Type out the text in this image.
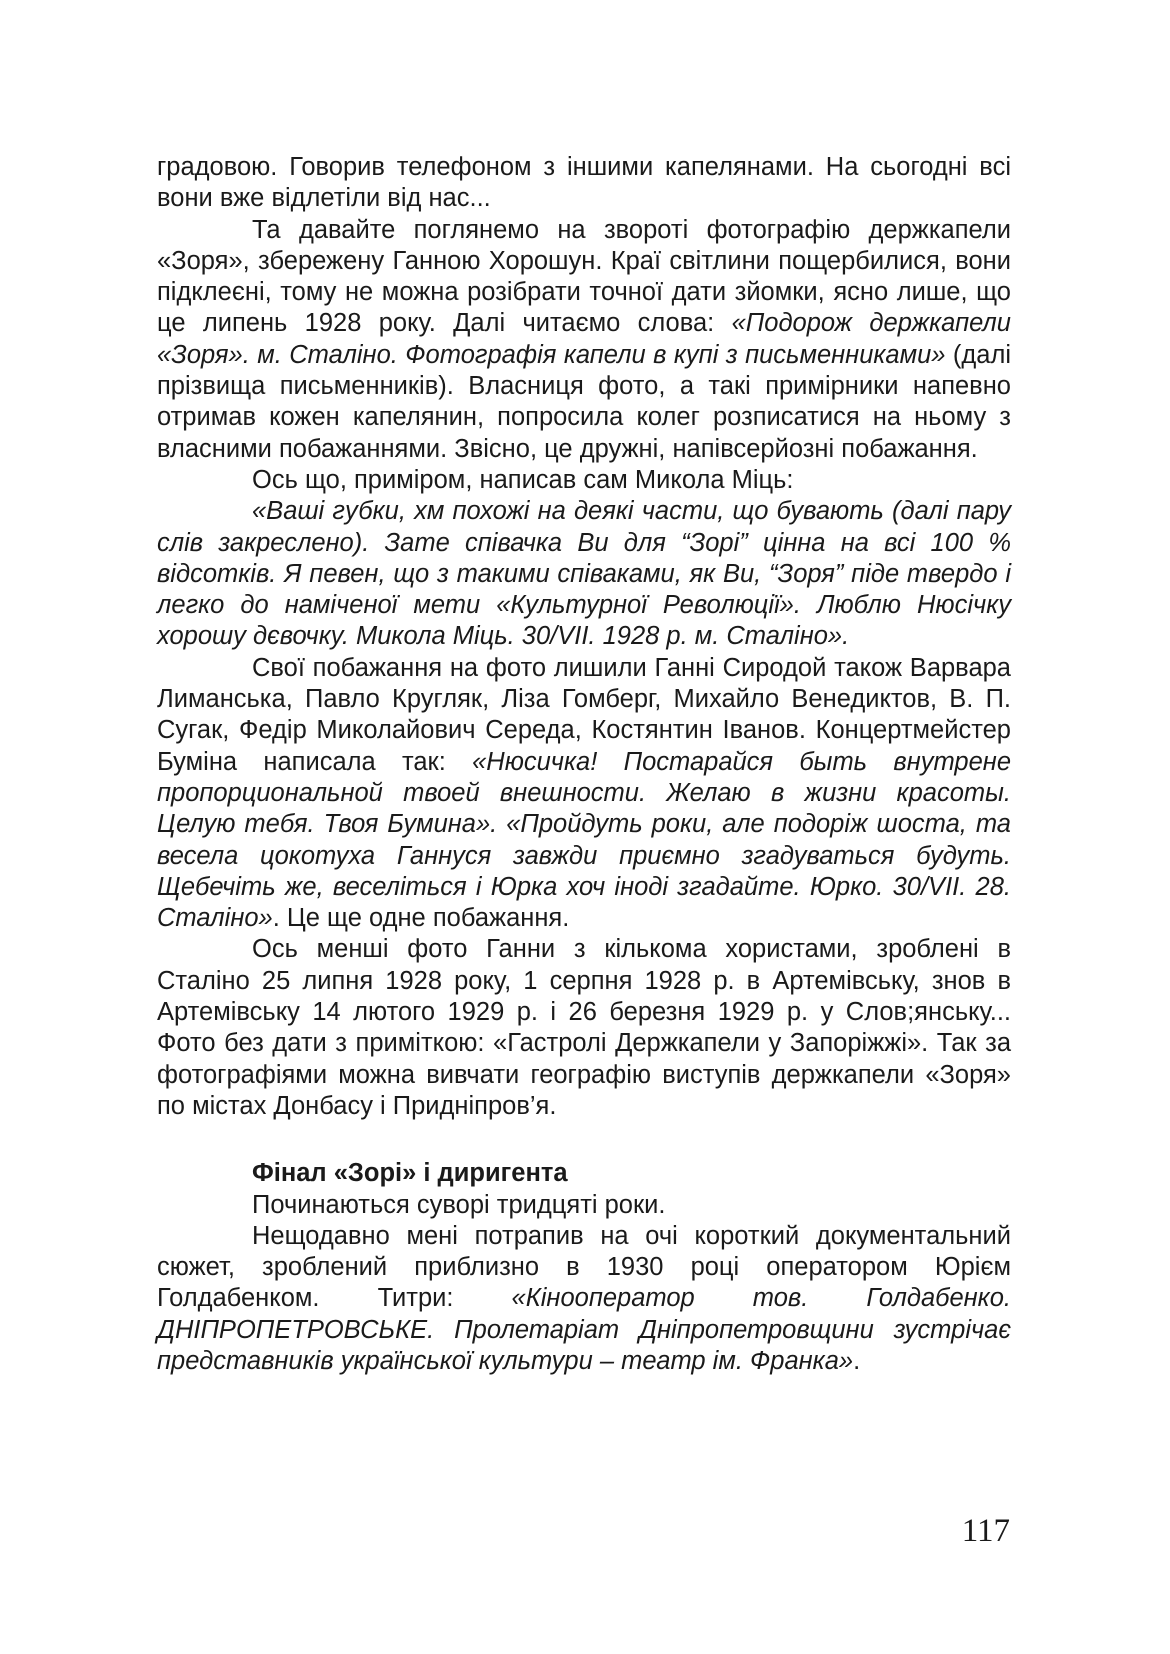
градовою. Говорив телефоном з іншими капелянами. На сьогодні всі вони вже відлетіли від нас...

Та давайте поглянемо на звороті фотографію держкапели «Зоря», збережену Ганною Хорошун. Краї світлини пощербилися, вони підклеєні, тому не можна розібрати точної дати зйомки, ясно лише, що це липень 1928 року. Далі читаємо слова: «Подорож держкапели «Зоря». м. Сталіно. Фотографія капели в купі з письменниками» (далі прізвища письменників). Власниця фото, а такі примірники напевно отримав кожен капелянин, попросила колег розписатися на ньому з власними побажаннями. Звісно, це дружні, напівсерйозні побажання.

Ось що, приміром, написав сам Микола Міць:

«Ваші губки, хм похожі на деякі части, що бувають (далі пару слів закреслено). Зате співачка Ви для “Зорі” цінна на всі 100 % відсотків. Я певен, що з такими співаками, як Ви, “Зоря” піде твердо і легко до наміченої мети «Культурної Революції». Люблю Нюсічку хорошу дєвочку. Микола Міць. 30/VII. 1928 р. м. Сталіно».

Свої побажання на фото лишили Ганні Сиродой також Варвара Лиманська, Павло Кругляк, Ліза Гомберг, Михайло Венедиктов, В. П. Сугак, Федір Миколайович Середа, Костянтин Іванов. Концертмейстер Буміна написала так: «Нюсичка! Постарайся быть внутрене пропорциональной твоей внешности. Желаю в жизни красоты. Целую тебя. Твоя Бумина». «Пройдуть роки, але подоріж шоста, та весела цокотуха Ганнуся завжди приємно згадуваться будуть. Щебечіть же, веселіться і Юрка хоч іноді згадайте. Юрко. 30/VII. 28. Сталіно». Це ще одне побажання.

Ось менші фото Ганни з кількома хористами, зроблені в Сталіно 25 липня 1928 року, 1 серпня 1928 р. в Артемівську, знов в Артемівську 14 лютого 1929 р. і 26 березня 1929 р. у Слов;янську... Фото без дати з приміткою: «Гастролі Держкапели у Запоріжжі». Так за фотографіями можна вивчати географію виступів держкапели «Зоря» по містах Донбасу і Придніпров’я.

Фінал «Зорі» і диригента

Починаються суворі тридцяті роки.

Нещодавно мені потрапив на очі короткий документальний сюжет, зроблений приблизно в 1930 році оператором Юрієм Голдабенком. Титри: «Кінооператор тов. Голдабенко. ДНІПРОПЕТРОВСЬКЕ. Пролетаріат Дніпропетровщини зустрічає представників української культури – театр ім. Франка».

117
